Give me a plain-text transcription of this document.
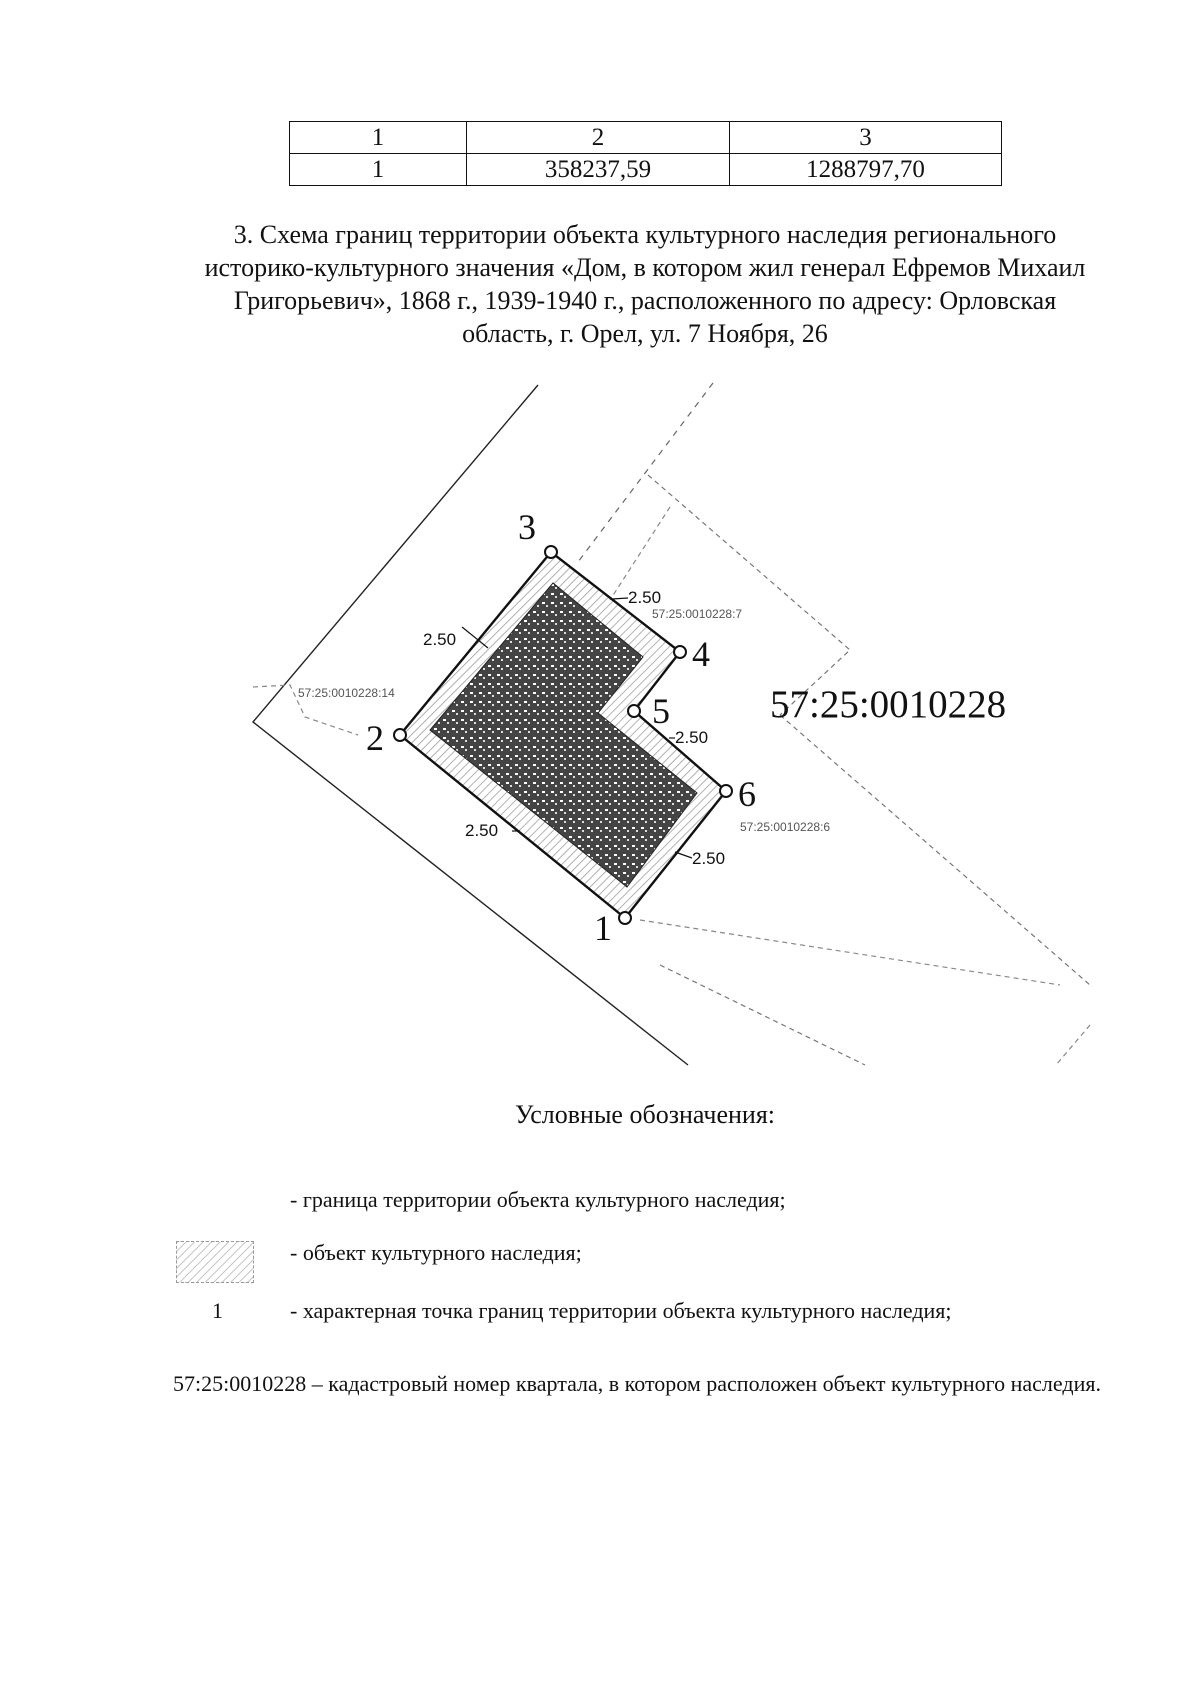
1	2	3
1	358237,59	1288797,70
3. Схема границ территории объекта культурного наследия регионального
историко-культурного значения «Дом, в котором жил генерал Ефремов Михаил
Григорьевич», 1868 г., 1939-1940 г., расположенного по адресу: Орловская
область, г. Орел, ул. 7 Ноября, 26
1
2
3
4
5
6
2.50
2.50
2.50
2.50
2.50
57:25:0010228
57:25:0010228:7
57:25:0010228:14
57:25:0010228:6
Условные обозначения:
- граница территории объекта культурного наследия;
- объект культурного наследия;
1	- характерная точка границ территории объекта культурного наследия;
57:25:0010228 – кадастровый номер квартала, в котором расположен объект культурного наследия.
